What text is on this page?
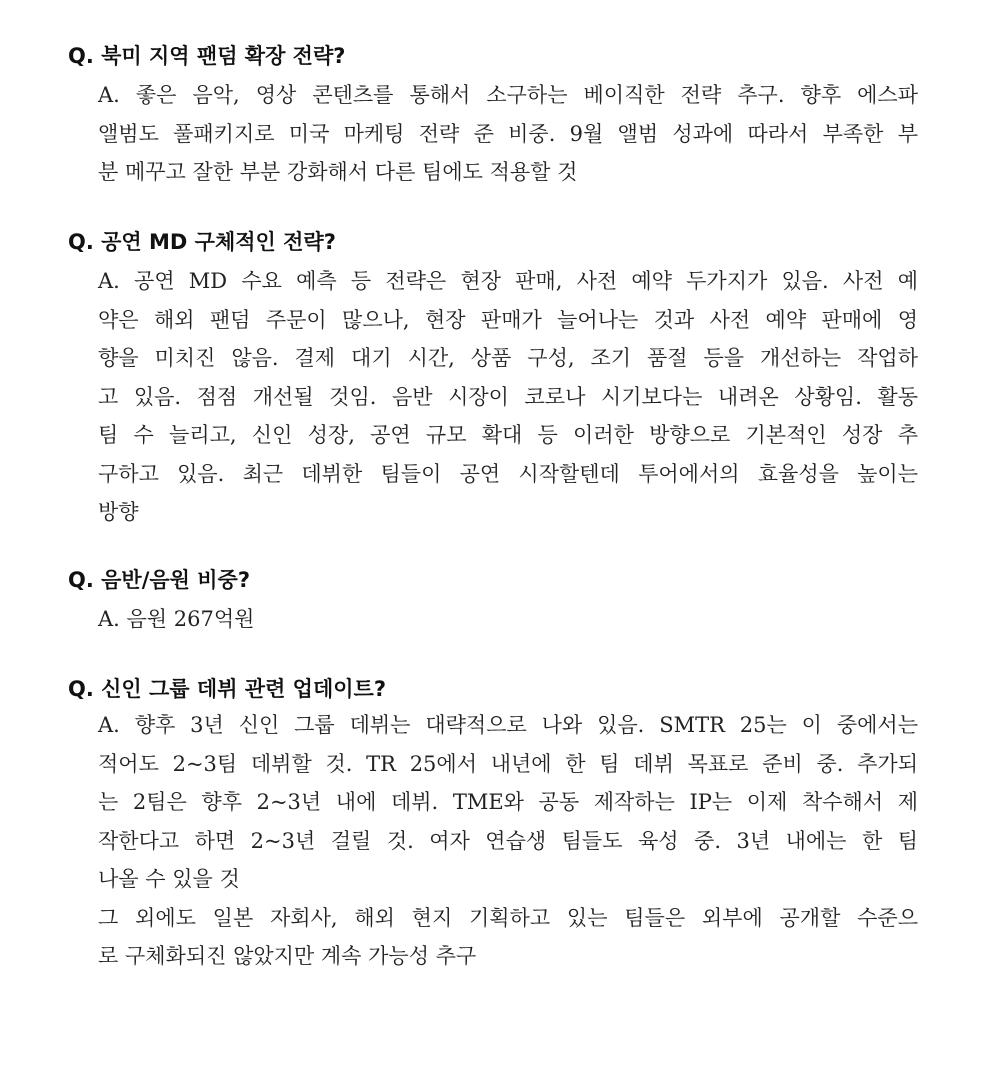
Q. 북미 지역 팬덤 확장 전략?
A. 좋은 음악, 영상 콘텐츠를 통해서 소구하는 베이직한 전략 추구. 향후 에스파
앨범도 풀패키지로 미국 마케팅 전략 준 비중. 9월 앨범 성과에 따라서 부족한 부
분 메꾸고 잘한 부분 강화해서 다른 팀에도 적용할 것
Q. 공연 MD 구체적인 전략?
A. 공연 MD 수요 예측 등 전략은 현장 판매, 사전 예약 두가지가 있음. 사전 예
약은 해외 팬덤 주문이 많으나, 현장 판매가 늘어나는 것과 사전 예약 판매에 영
향을 미치진 않음. 결제 대기 시간, 상품 구성, 조기 품절 등을 개선하는 작업하
고 있음. 점점 개선될 것임. 음반 시장이 코로나 시기보다는 내려온 상황임. 활동
팀 수 늘리고, 신인 성장, 공연 규모 확대 등 이러한 방향으로 기본적인 성장 추
구하고 있음. 최근 데뷔한 팀들이 공연 시작할텐데 투어에서의 효율성을 높이는
방향
Q. 음반/음원 비중?
A. 음원 267억원
Q. 신인 그룹 데뷔 관련 업데이트?
A. 향후 3년 신인 그룹 데뷔는 대략적으로 나와 있음. SMTR 25는 이 중에서는
적어도 2~3팀 데뷔할 것. TR 25에서 내년에 한 팀 데뷔 목표로 준비 중. 추가되
는 2팀은 향후 2~3년 내에 데뷔. TME와 공동 제작하는 IP는 이제 착수해서 제
작한다고 하면 2~3년 걸릴 것. 여자 연습생 팀들도 육성 중. 3년 내에는 한 팀
나올 수 있을 것
그 외에도 일본 자회사, 해외 현지 기획하고 있는 팀들은 외부에 공개할 수준으
로 구체화되진 않았지만 계속 가능성 추구
